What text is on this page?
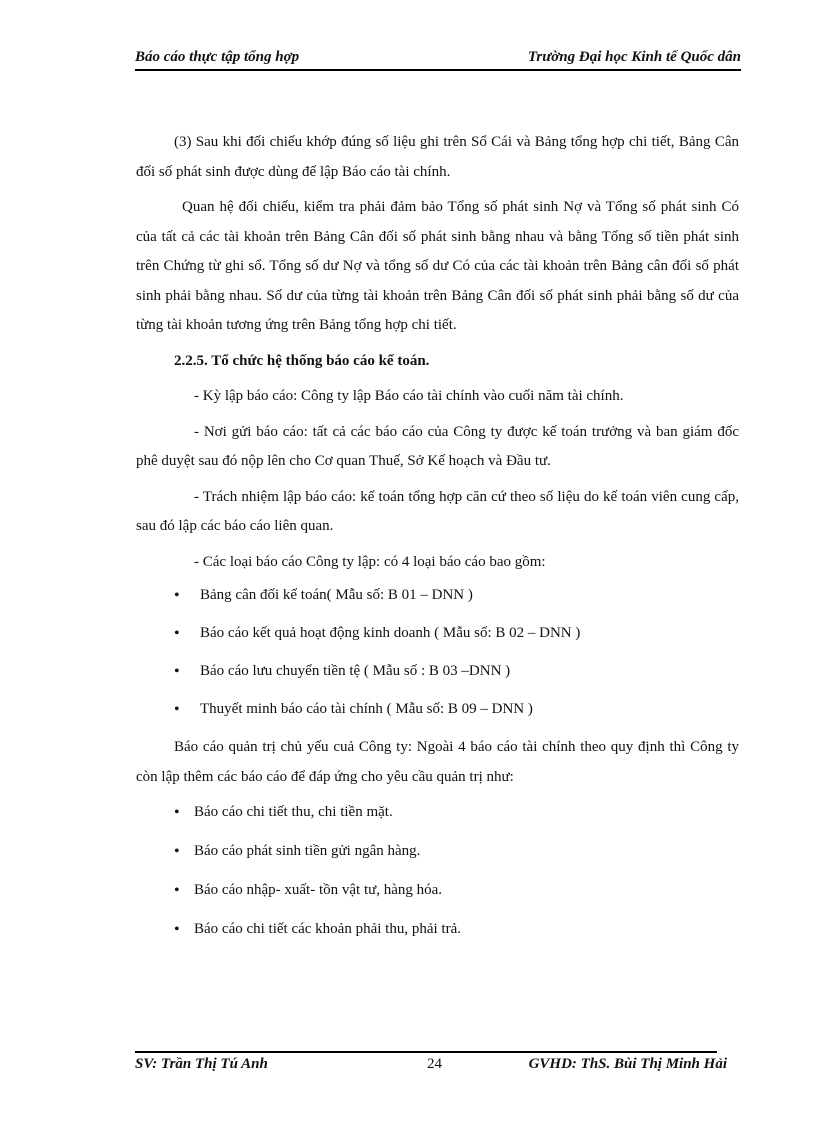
Báo cáo thực tập tổng hợp	Trường Đại học Kinh tế Quốc dân

(3) Sau khi đối chiếu khớp đúng số liệu ghi trên Sổ Cái và Bảng tổng hợp chi tiết, Bảng Cân đối số phát sinh được dùng để lập Báo cáo tài chính.

Quan hệ đối chiếu, kiểm tra phải đảm bảo Tổng số phát sinh Nợ và Tổng số phát sinh Có của tất cả các tài khoản trên Bảng Cân đối số phát sinh bằng nhau và bằng Tổng số tiền phát sinh trên Chứng từ ghi sổ. Tổng số dư Nợ và tổng số dư Có của các tài khoản trên Bảng cân đối số phát sinh phải bằng nhau. Số dư của từng tài khoản trên Bảng Cân đối số phát sinh phải bằng số dư của từng tài khoản tương ứng trên Bảng tổng hợp chi tiết.

2.2.5. Tổ chức hệ thống báo cáo kế toán.

- Kỳ lập báo cáo: Công ty lập Báo cáo tài chính vào cuối năm tài chính.

- Nơi gửi báo cáo: tất cả các báo cáo của Công ty được kế toán trưởng và ban giám đốc phê duyệt sau đó nộp lên cho Cơ quan Thuế, Sở Kế hoạch và Đầu tư.

- Trách nhiệm lập báo cáo: kế toán tổng hợp căn cứ theo số liệu do kế toán viên cung cấp, sau đó lập các báo cáo liên quan.

- Các loại báo cáo Công ty lập: có 4 loại báo cáo bao gồm:

• Bảng cân đối kế toán( Mẫu số: B 01 – DNN )
• Báo cáo kết quả hoạt động kinh doanh ( Mẫu số: B 02 – DNN )
• Báo cáo lưu chuyển tiền tệ ( Mẫu số : B 03 –DNN )
• Thuyết minh báo cáo tài chính ( Mẫu số: B 09 – DNN )

Báo cáo quản trị chủ yếu cuả Công ty: Ngoài 4 báo cáo tài chính theo quy định thì Công ty còn lập thêm các báo cáo để đáp ứng cho yêu cầu quản trị như:

• Báo cáo chi tiết thu, chi tiền mặt.
• Báo cáo phát sinh tiền gửi ngân hàng.
• Báo cáo nhập- xuất- tồn vật tư, hàng hóa.
• Báo cáo chi tiết các khoản phải thu, phải trả.
SV: Trần Thị Tú Anh	24	GVHD: ThS. Bùi Thị Minh Hải
